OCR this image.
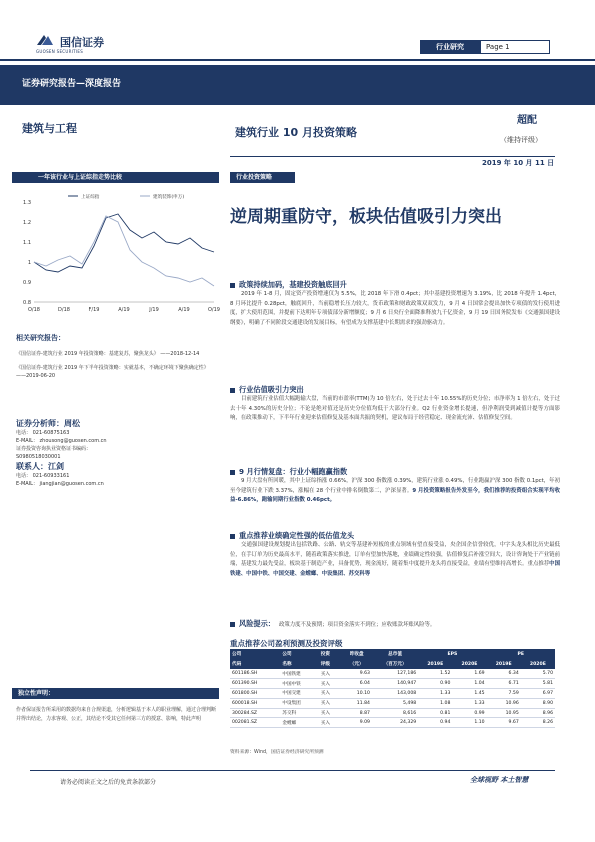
国信证券
GUOSEN SECURITIES
行业研究	Page 1
证券研究报告—深度报告
建筑与工程	建筑行业 10 月投资策略
超配
（维持评级）
2019 年 10 月 11 日
一年该行业与上证综指走势比较	行业投资策略
逆周期重防守，板块估值吸引力突出
1.3
1.2
1.1
1
0.9
0.8
O/18	D/18	F/19	A/19	J/19	A/19	O/19
上证综指	建筑装饰(申万)
相关研究报告：
《国信证券-建筑行业 2019 年投资策略：基建复苏，聚焦龙头》 ——2018-12-14
《国信证券-建筑行业 2019 年下半年投资策略：实就基本，不确定环境下聚焦确定性》 ——2019-06-20
证券分析师：周松
电话： 021-60875163
E-MAIL： zhousong@guosen.com.cn
证券投资咨询执业资格证书编码：
S0980518030001
联系人：江剑
电话： 021-60933161
E-MAIL： jiangjian@guosen.com.cn
独立性声明：
作者保证报告所采用的数据均来自合规渠道，分析逻辑基于本人的职业理解，通过合理判断并得出结论，力求客观、公正，其结论不受其它任何第三方的授意、影响，特此声明
政策持续加码，基建投资触底回升
2019 年 1-8 月，固定资产投资增速仅为 5.5%，比 2018 年下滑 0.4pct；其中基建投资增速为 3.19%，比 2018 年提升 1.4pct，8 月环比提升 0.28pct，触底回升，当前稳增长压力较大，货币政策和财政政策双双发力，9 月 4 日国常会提出加快专项债的发行使用进度，扩大使用范围，并提前下达明年专项债部分新增额度；9 月 6 日央行全面降准释放九千亿资金，9 月 19 日国务院发布《交通强国建设纲要》，明确了不同阶段交通建设的发展目标，有望成为支撑基建中长期需求的强劲驱动力。
行业估值吸引力突出
目前建筑行业估值大幅跑输大盘，当前的市盈率(TTM)为 10 倍左右，处于过去十年 10.55%的历史分位；市净率为 1 倍左右，处于过去十年 4.30%的历史分位；不论是绝对值还是历史分位值均低于大部分行业。Q2 行业资金增长提速，但净利润受到减值计提等方面影响，在政策推动下，下半年行业迎来估值修复及基本面共振的契机，建议布局于经营稳定、现金流充沛、估值修复空间。
9 月行情复盘：行业小幅跑赢指数
9 月大盘有所回暖，其中上证综指涨 0.66%，沪深 300 指数涨 0.39%，建筑行业涨 0.49%，行业跑赢沪深 300 指数 0.1pct，年初至今建筑行业下跌 3.37%，涨幅在 28 个行业中排名倒数第二，沪深显著。9 月投资策略报告外发至今，我们推荐的投资组合实现平均收益-6.86%，跑输同期行业指数 0.46pct。
重点推荐业绩确定性强的低估值龙头
交通强国建设规划提出包括铁路、公路、轨交等基建补短板的重点领域有望直接受益，央企国企信誉较优，中字头龙头相比历史最低位，在手订单为历史最高水平，随着政策落实推进，订单有望加快落地，业绩确定性较强，估值修复后补涨空间大，设计咨询处于产业链前端，基建发力最先受益，板块基于制造产业，具备优势，现金流好，随着集中度提升龙头将直接受益，业绩有望维持高增长。重点推荐中国铁建、中国中铁、中国交建、金螳螂、中设集团、苏交科等
风险提示： 政策力度不及预期；项目资金落实不到位；应收账款坏账风险等。
重点推荐公司盈利预测及投资评级
公司	公司	投资	昨收盘	总市值	EPS		PE	
代码	名称	评级	（元）	（百万元）	2019E	2020E	2019E	2020E
601186.SH	中国铁建	买入	9.63	127,186	1.52	1.69	6.34	5.70
601390.SH	中国中铁	买入	6.04	140,947	0.90	1.04	6.71	5.81
601800.SH	中国交建	买入	10.10	143,008	1.33	1.45	7.59	6.97
600018.SH	中设集团	买入	11.84	5,498	1.08	1.33	10.96	8.90
300284.SZ	苏交科	买入	8.87	8,616	0.81	0.99	10.95	8.96
002081.SZ	金螳螂	买入	9.09	24,329	0.94	1.10	9.67	8.26
资料来源：Wind，国信证券经济研究所预测
请务必阅读正文之后的免责条款部分	全球视野 本土智慧
